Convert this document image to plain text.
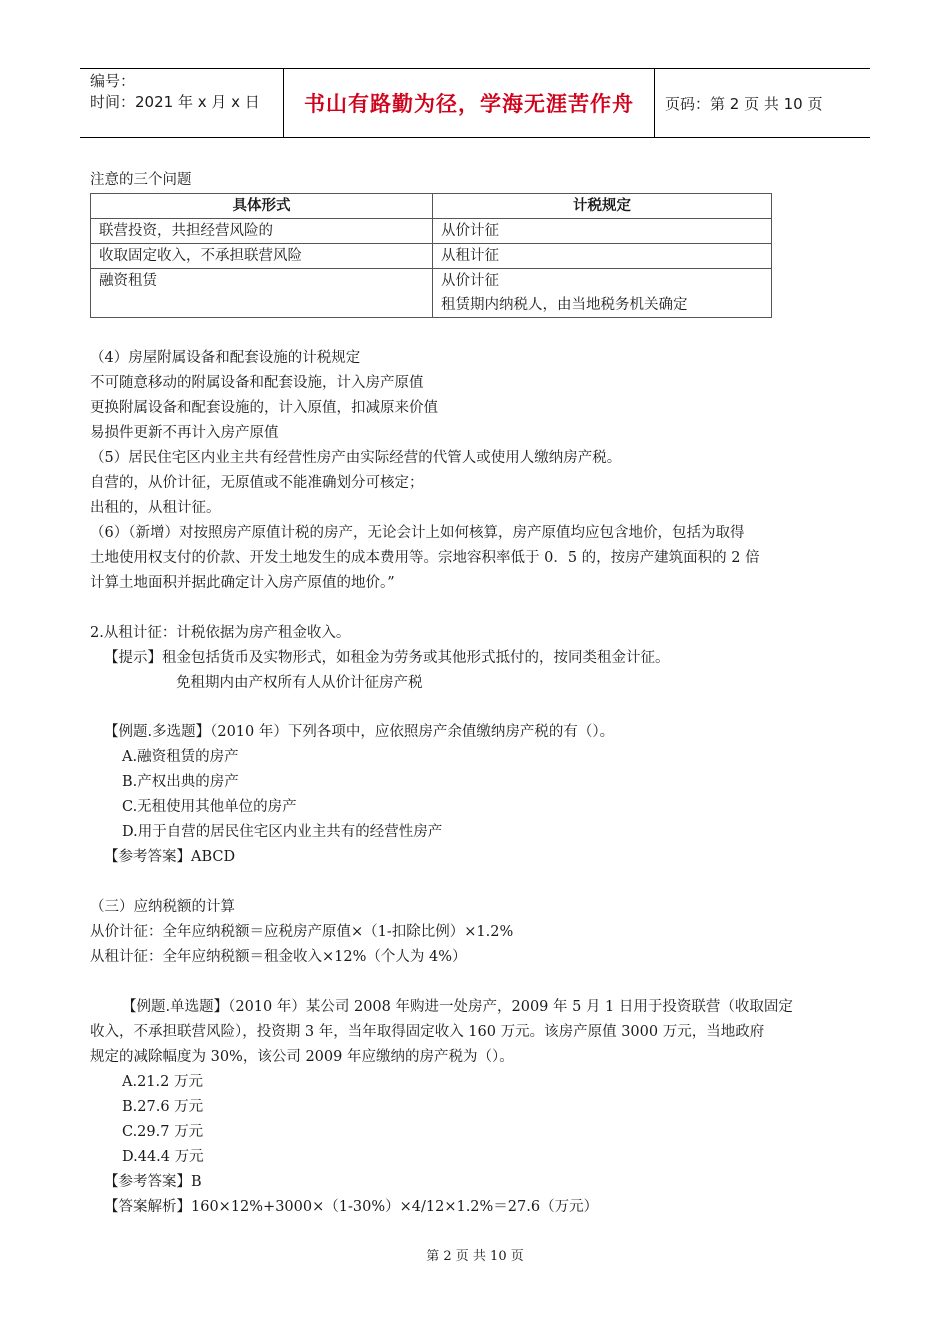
编号：
时间：2021 年 x 月 x 日	书山有路勤为径，学海无涯苦作舟 页码：第 2 页 共 10 页
注意的三个问题
具体形式	计税规定
联营投资，共担经营风险的	从价计征
收取固定收入，不承担联营风险	从租计征
融资租赁	从价计征
租赁期内纳税人，由当地税务机关确定
（4）房屋附属设备和配套设施的计税规定
不可随意移动的附属设备和配套设施，计入房产原值
更换附属设备和配套设施的，计入原值，扣减原来价值
易损件更新不再计入房产原值
（5）居民住宅区内业主共有经营性房产由实际经营的代管人或使用人缴纳房产税。
自营的，从价计征，无原值或不能准确划分可核定；
出租的，从租计征。
（6）（新增）对按照房产原值计税的房产，无论会计上如何核算，房产原值均应包含地价，包括为取得
土地使用权支付的价款、开发土地发生的成本费用等。宗地容积率低于 0．5 的，按房产建筑面积的 2 倍
计算土地面积并据此确定计入房产原值的地价。”
2.从租计征：计税依据为房产租金收入。
【提示】租金包括货币及实物形式，如租金为劳务或其他形式抵付的，按同类租金计征。
免租期内由产权所有人从价计征房产税
【例题.多选题】（2010 年）下列各项中，应依照房产余值缴纳房产税的有（）。
A.融资租赁的房产
B.产权出典的房产
C.无租使用其他单位的房产
D.用于自营的居民住宅区内业主共有的经营性房产
【参考答案】ABCD
（三）应纳税额的计算
从价计征：全年应纳税额＝应税房产原值×（1-扣除比例）×1.2%
从租计征：全年应纳税额＝租金收入×12%（个人为 4%）
【例题.单选题】（2010 年）某公司 2008 年购进一处房产，2009 年 5 月 1 日用于投资联营（收取固定
收入，不承担联营风险），投资期 3 年，当年取得固定收入 160 万元。该房产原值 3000 万元，当地政府
规定的减除幅度为 30%，该公司 2009 年应缴纳的房产税为（）。
A.21.2 万元
B.27.6 万元
C.29.7 万元
D.44.4 万元
【参考答案】B
【答案解析】160×12%+3000×（1-30%）×4/12×1.2%＝27.6（万元）
第 2 页 共 10 页
